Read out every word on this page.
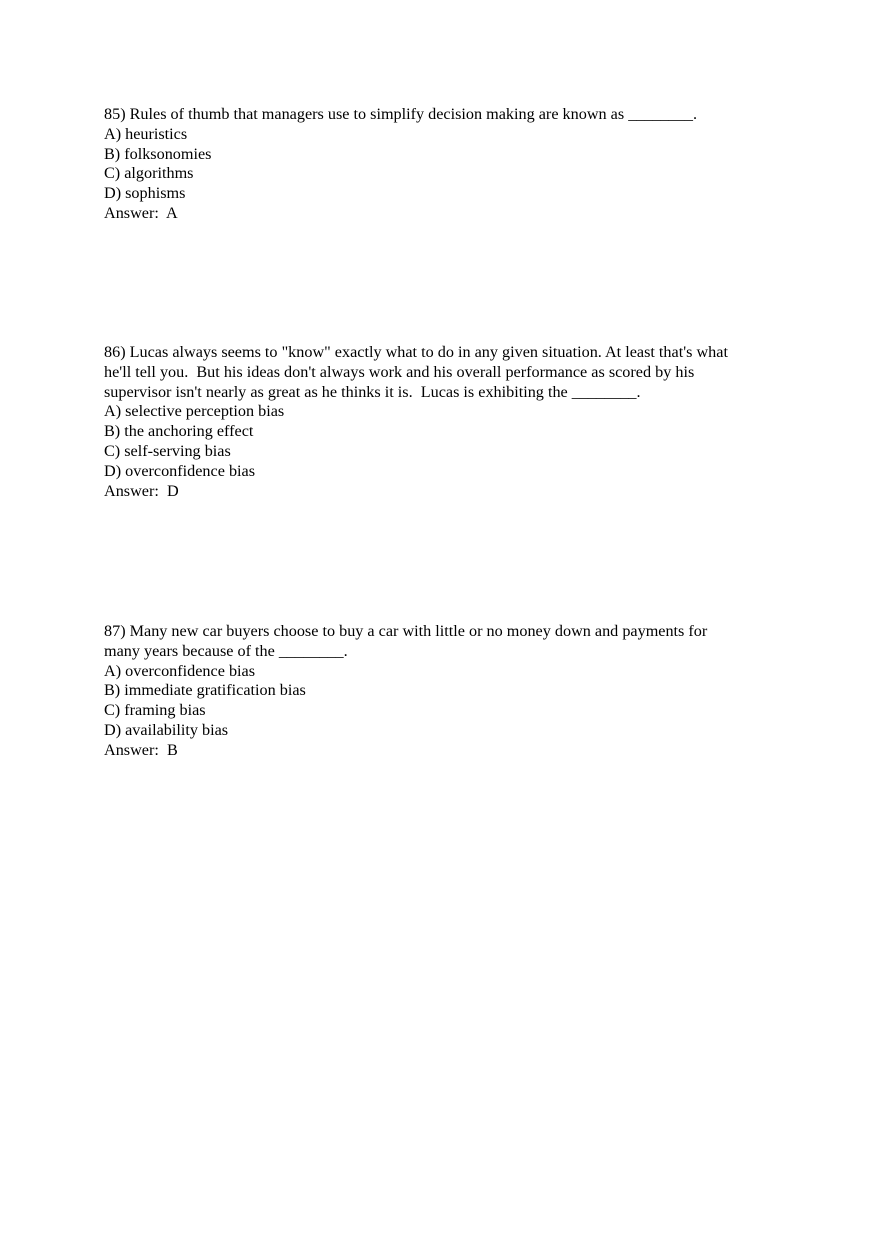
85) Rules of thumb that managers use to simplify decision making are known as ________.
A) heuristics
B) folksonomies
C) algorithms
D) sophisms
Answer:  A
86) Lucas always seems to "know" exactly what to do in any given situation. At least that's what
he'll tell you.  But his ideas don't always work and his overall performance as scored by his
supervisor isn't nearly as great as he thinks it is.  Lucas is exhibiting the ________.
A) selective perception bias
B) the anchoring effect
C) self-serving bias
D) overconfidence bias
Answer:  D
87) Many new car buyers choose to buy a car with little or no money down and payments for
many years because of the ________.
A) overconfidence bias
B) immediate gratification bias
C) framing bias
D) availability bias
Answer:  B
